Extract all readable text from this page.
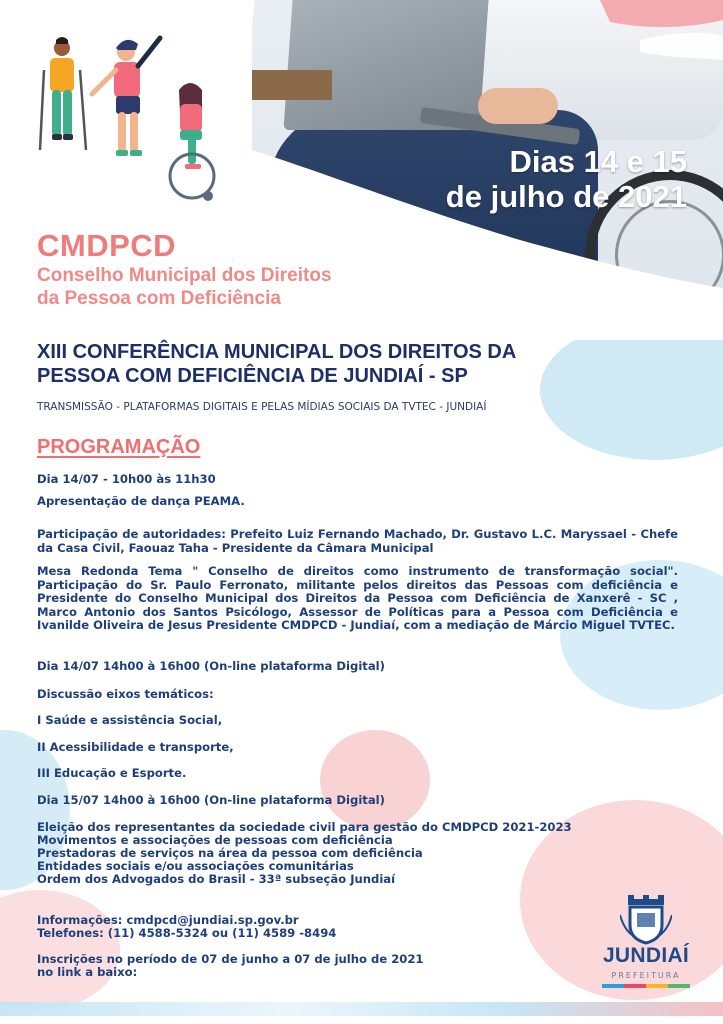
Dias 14 e 15

de julho de 2021

CMDPCD

Conselho Municipal dos Direitos

da Pessoa com Deficiência

XIII CONFERÊNCIA MUNICIPAL DOS DIREITOS DA
PESSOA COM DEFICIÊNCIA DE JUNDIAÍ - SP

TRANSMISSÃO - PLATAFORMAS DIGITAIS E PELAS MÍDIAS SOCIAIS DA TVTEC - JUNDIAÍ

PROGRAMAÇÃO

Dia 14/07 - 10h00 às 11h30

Apresentação de dança PEAMA.

Participação de autoridades: Prefeito Luiz Fernando Machado, Dr. Gustavo L.C. Maryssael - Chefe da Casa Civil, Faouaz Taha - Presidente da Câmara Municipal

Mesa Redonda Tema " Conselho de direitos como instrumento de transformação social". Participação do Sr. Paulo Ferronato, militante pelos direitos das Pessoas com deficiência e Presidente do Conselho Municipal dos Direitos da Pessoa com Deficiência de Xanxerê - SC , Marco Antonio dos Santos Psicólogo, Assessor de Políticas para a Pessoa com Deficiência e Ivanilde Oliveira de Jesus Presidente CMDPCD - Jundiaí, com a mediação de Márcio Miguel TVTEC.

Dia 14/07 14h00 à 16h00 (On-line plataforma Digital)

Discussão eixos temáticos:

I Saúde e assistência Social,

II Acessibilidade e transporte,

III Educação e Esporte.

Dia 15/07 14h00 à 16h00 (On-line plataforma Digital)

Eleição dos representantes da sociedade civil para gestão do CMDPCD 2021-2023

Movimentos e associações de pessoas com deficiência

Prestadoras de serviços na área da pessoa com deficiência

Entidades sociais e/ou associações comunitárias

Ordem dos Advogados do Brasil - 33ª subseção Jundiaí

Informações: cmdpcd@jundiai.sp.gov.br

Telefones: (11) 4588-5324 ou (11) 4589 -8494

Inscrições no período de 07 de junho a 07 de julho de 2021

no link a baixo:

JUNDIAÍ

PREFEITURA
